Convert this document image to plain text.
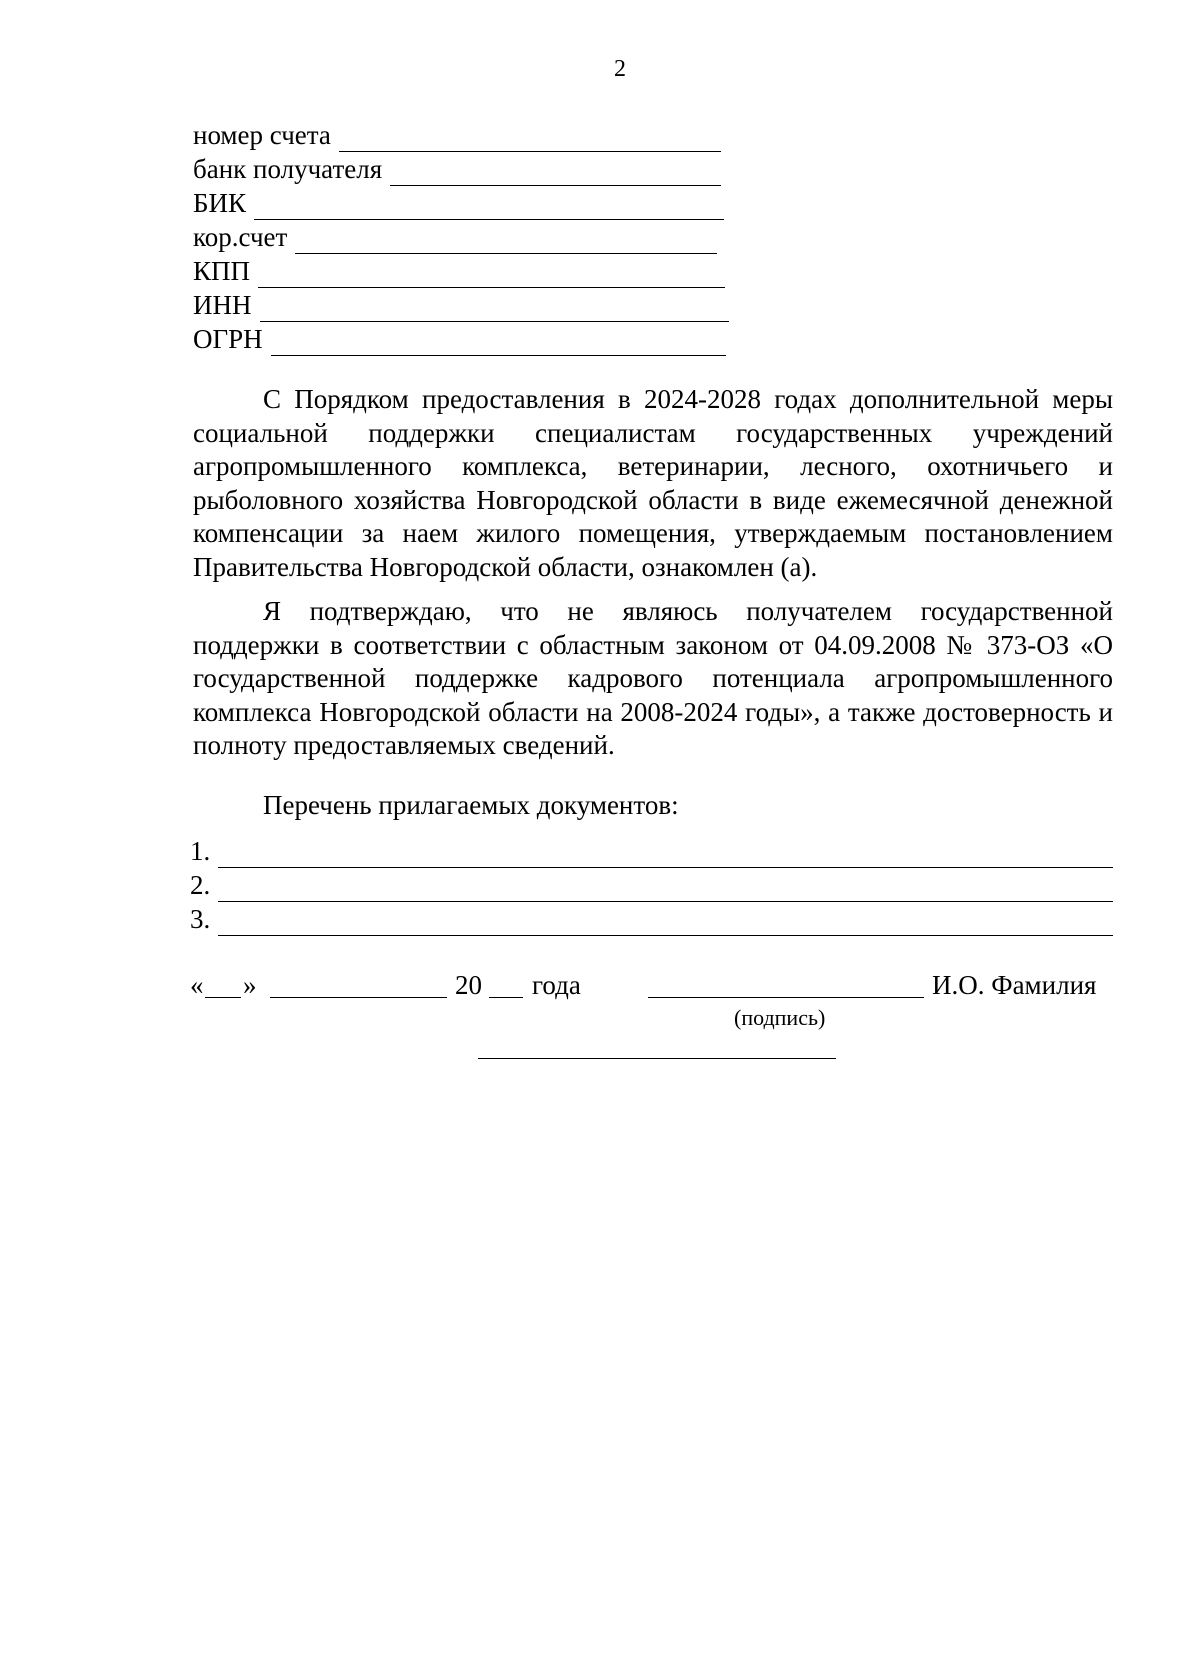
2
номер счета
банк получателя
БИК
кор.счет
КПП
ИНН
ОГРН

С Порядком предоставления в 2024-2028 годах дополнительной меры социальной поддержки специалистам государственных учреждений агропромышленного комплекса, ветеринарии, лесного, охотничьего и рыболовного хозяйства Новгородской области в виде ежемесячной денежной компенсации за наем жилого помещения, утверждаемым постановлением Правительства Новгородской области, ознакомлен (а).

Я подтверждаю, что не являюсь получателем государственной поддержки в соответствии с областным законом от 04.09.2008 № 373-ОЗ «О государственной поддержке кадрового потенциала агропромышленного комплекса Новгородской области на 2008-2024 годы», а также достоверность и полноту предоставляемых сведений.

Перечень прилагаемых документов:

1.
2.
3.
« »	20 года	И.О. Фамилия
(подпись)
